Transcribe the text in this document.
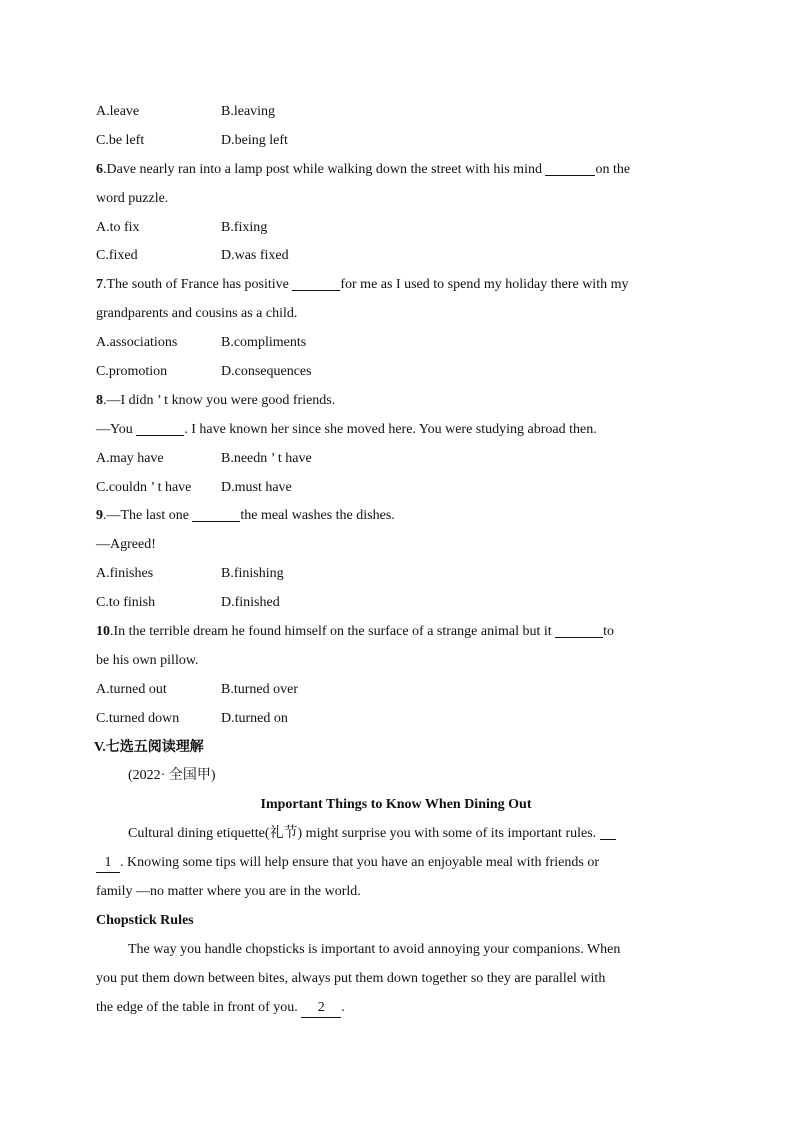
A.leave	B.leaving
C.be left	D.being left
6.Dave nearly ran into a lamp post while walking down the street with his mind	on the
word puzzle.
A.to fix	B.fixing
C.fixed	D.was fixed
7.The south of France has positive	for me as I used to spend my holiday there with my
grandparents and cousins as a child.
A.associations	B.compliments
C.promotion	D.consequences
8.—I didn ’ t know you were good friends.
—You	. I have known her since she moved here. You were studying abroad then.
A.may have	B.needn ’ t have
C.couldn ’ t have	D.must have
9.—The last one	the meal washes the dishes.
—Agreed!
A.finishes	B.finishing
C.to finish	D.finished
10.In the terrible dream he found himself on the surface of a strange animal but it	to
be his own pillow.
A.turned out	B.turned over
C.turned down	D.turned on
V.七选五阅读理解
(2022· 全国甲)
Important Things to Know When Dining Out
Cultural dining etiquette(礼节) might surprise you with some of its important rules.
1 . Knowing some tips will help ensure that you have an enjoyable meal with friends or
family —no matter where you are in the world.
Chopstick Rules
The way you handle chopsticks is important to avoid annoying your companions. When
you put them down between bites, always put them down together so they are parallel with
the edge of the table in front of you. 2 .
